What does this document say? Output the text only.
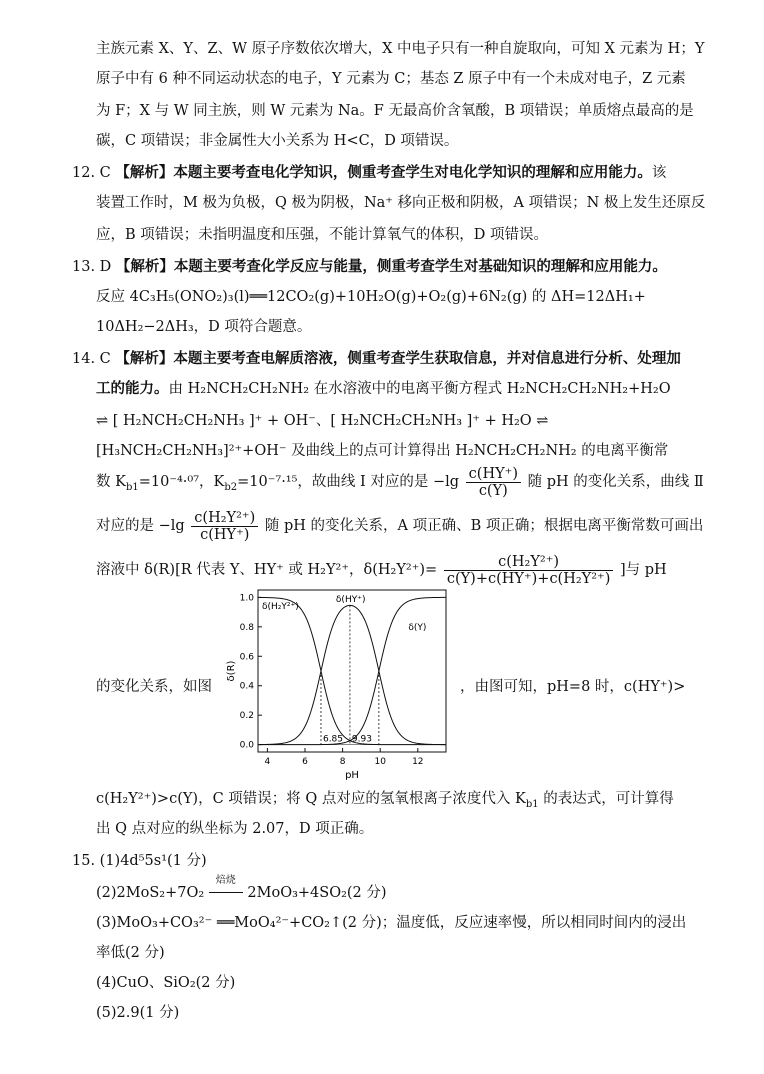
主族元素 X、Y、Z、W 原子序数依次增大，X 中电子只有一种自旋取向，可知 X 元素为 H；Y
原子中有 6 种不同运动状态的电子，Y 元素为 C；基态 Z 原子中有一个未成对电子，Z 元素
为 F；X 与 W 同主族，则 W 元素为 Na。F 无最高价含氧酸，B 项错误；单质熔点最高的是
碳，C 项错误；非金属性大小关系为 H<C，D 项错误。
12. C 【解析】本题主要考查电化学知识，侧重考查学生对电化学知识的理解和应用能力。该
装置工作时，M 极为负极，Q 极为阴极，Na⁺ 移向正极和阴极，A 项错误；N 极上发生还原反
应，B 项错误；未指明温度和压强，不能计算氧气的体积，D 项错误。
13. D 【解析】本题主要考查化学反应与能量，侧重考查学生对基础知识的理解和应用能力。
反应 4C₃H₅(ONO₂)₃(l)══12CO₂(g)+10H₂O(g)+O₂(g)+6N₂(g) 的 ΔH=12ΔH₁+
10ΔH₂−2ΔH₃，D 项符合题意。
14. C 【解析】本题主要考查电解质溶液，侧重考查学生获取信息，并对信息进行分析、处理加
工的能力。由 H₂NCH₂CH₂NH₂ 在水溶液中的电离平衡方程式 H₂NCH₂CH₂NH₂+H₂O
⇌ [ H₂NCH₂CH₂NH₃ ]⁺ + OH⁻、[ H₂NCH₂CH₂NH₃ ]⁺ + H₂O ⇌
[H₃NCH₂CH₂NH₃]²⁺+OH⁻ 及曲线上的点可计算得出 H₂NCH₂CH₂NH₂ 的电离平衡常
数 $K_{b1}=10^{-4}\cdot^{07}$，$K_{b2}=10^{-7}\cdot^{15}$，故曲线 Ⅰ 对应的是 $-\lg \frac{c(HY^+)}{c(Y)}$ 随 pH 的变化关系，曲线 Ⅱ
对应的是 $-\lg \frac{\text{c(H₂Y²⁺)}}{c(HY^+)}$ 随 pH 的变化关系，A 项正确、B 项正确；根据电离平衡常数可画出
溶液中 δ(R)[R 代表 Y、HY⁺ 或 H₂Y²⁺，$\delta(H_2Y^{2+})= \frac{\text{c(H₂Y²⁺)}}{\text{c(Y)+c(HY⁺)+c(H₂Y²⁺)}}$ ]与 pH
的变化关系，如图	，由图可知，pH=8 时，c(HY⁺)>
0.0
0.2
0.4
0.6
0.8
1.0
4	6	8	10	12
pH
δ(R)
6.85 9.93
δ(H₂Y²⁺)
δ(HY⁺)
δ(Y)
c(H₂Y²⁺)>c(Y)，C 项错误；将 Q 点对应的氢氧根离子浓度代入 $K_{b1}$ 的表达式，可计算得
出 Q 点对应的纵坐标为 2.07，D 项正确。
15. (1)4d⁵5s¹(1 分)
(2)2MoS₂+7O₂
焙烧
2MoO₃+4SO₂(2 分)
(3)MoO₃+CO₃²⁻ ══MoO₄²⁻+CO₂↑(2 分)；温度低，反应速率慢，所以相同时间内的浸出
率低(2 分)
(4)CuO、SiO₂(2 分)
(5)2.9(1 分)
